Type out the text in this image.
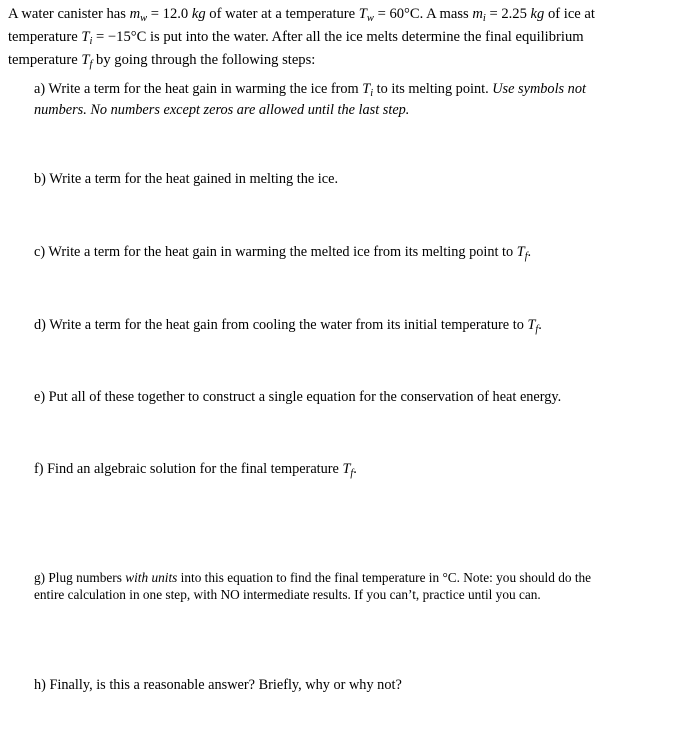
A water canister has $m_w = 12.0$ kg of water at a temperature $T_w = 60^\circ C$. A mass $m_i = 2.25$ kg of ice at

temperature $T_i = -15^\circ C$ is put into the water. After all the ice melts determine the final equilibrium

temperature $T_f$ by going through the following steps:

a) Write a term for the heat gain in warming the ice from $T_i$ to its melting point. Use symbols not
numbers. No numbers except zeros are allowed until the last step.
b) Write a term for the heat gained in melting the ice.
c) Write a term for the heat gain in warming the melted ice from its melting point to $T_f$.
d) Write a term for the heat gain from cooling the water from its initial temperature to $T_f$.
e) Put all of these together to construct a single equation for the conservation of heat energy.
f) Find an algebraic solution for the final temperature $T_f$.
g) Plug numbers with units into this equation to find the final temperature in °C. Note: you should do the
entire calculation in one step, with NO intermediate results. If you can’t, practice until you can.
h) Finally, is this a reasonable answer? Briefly, why or why not?
